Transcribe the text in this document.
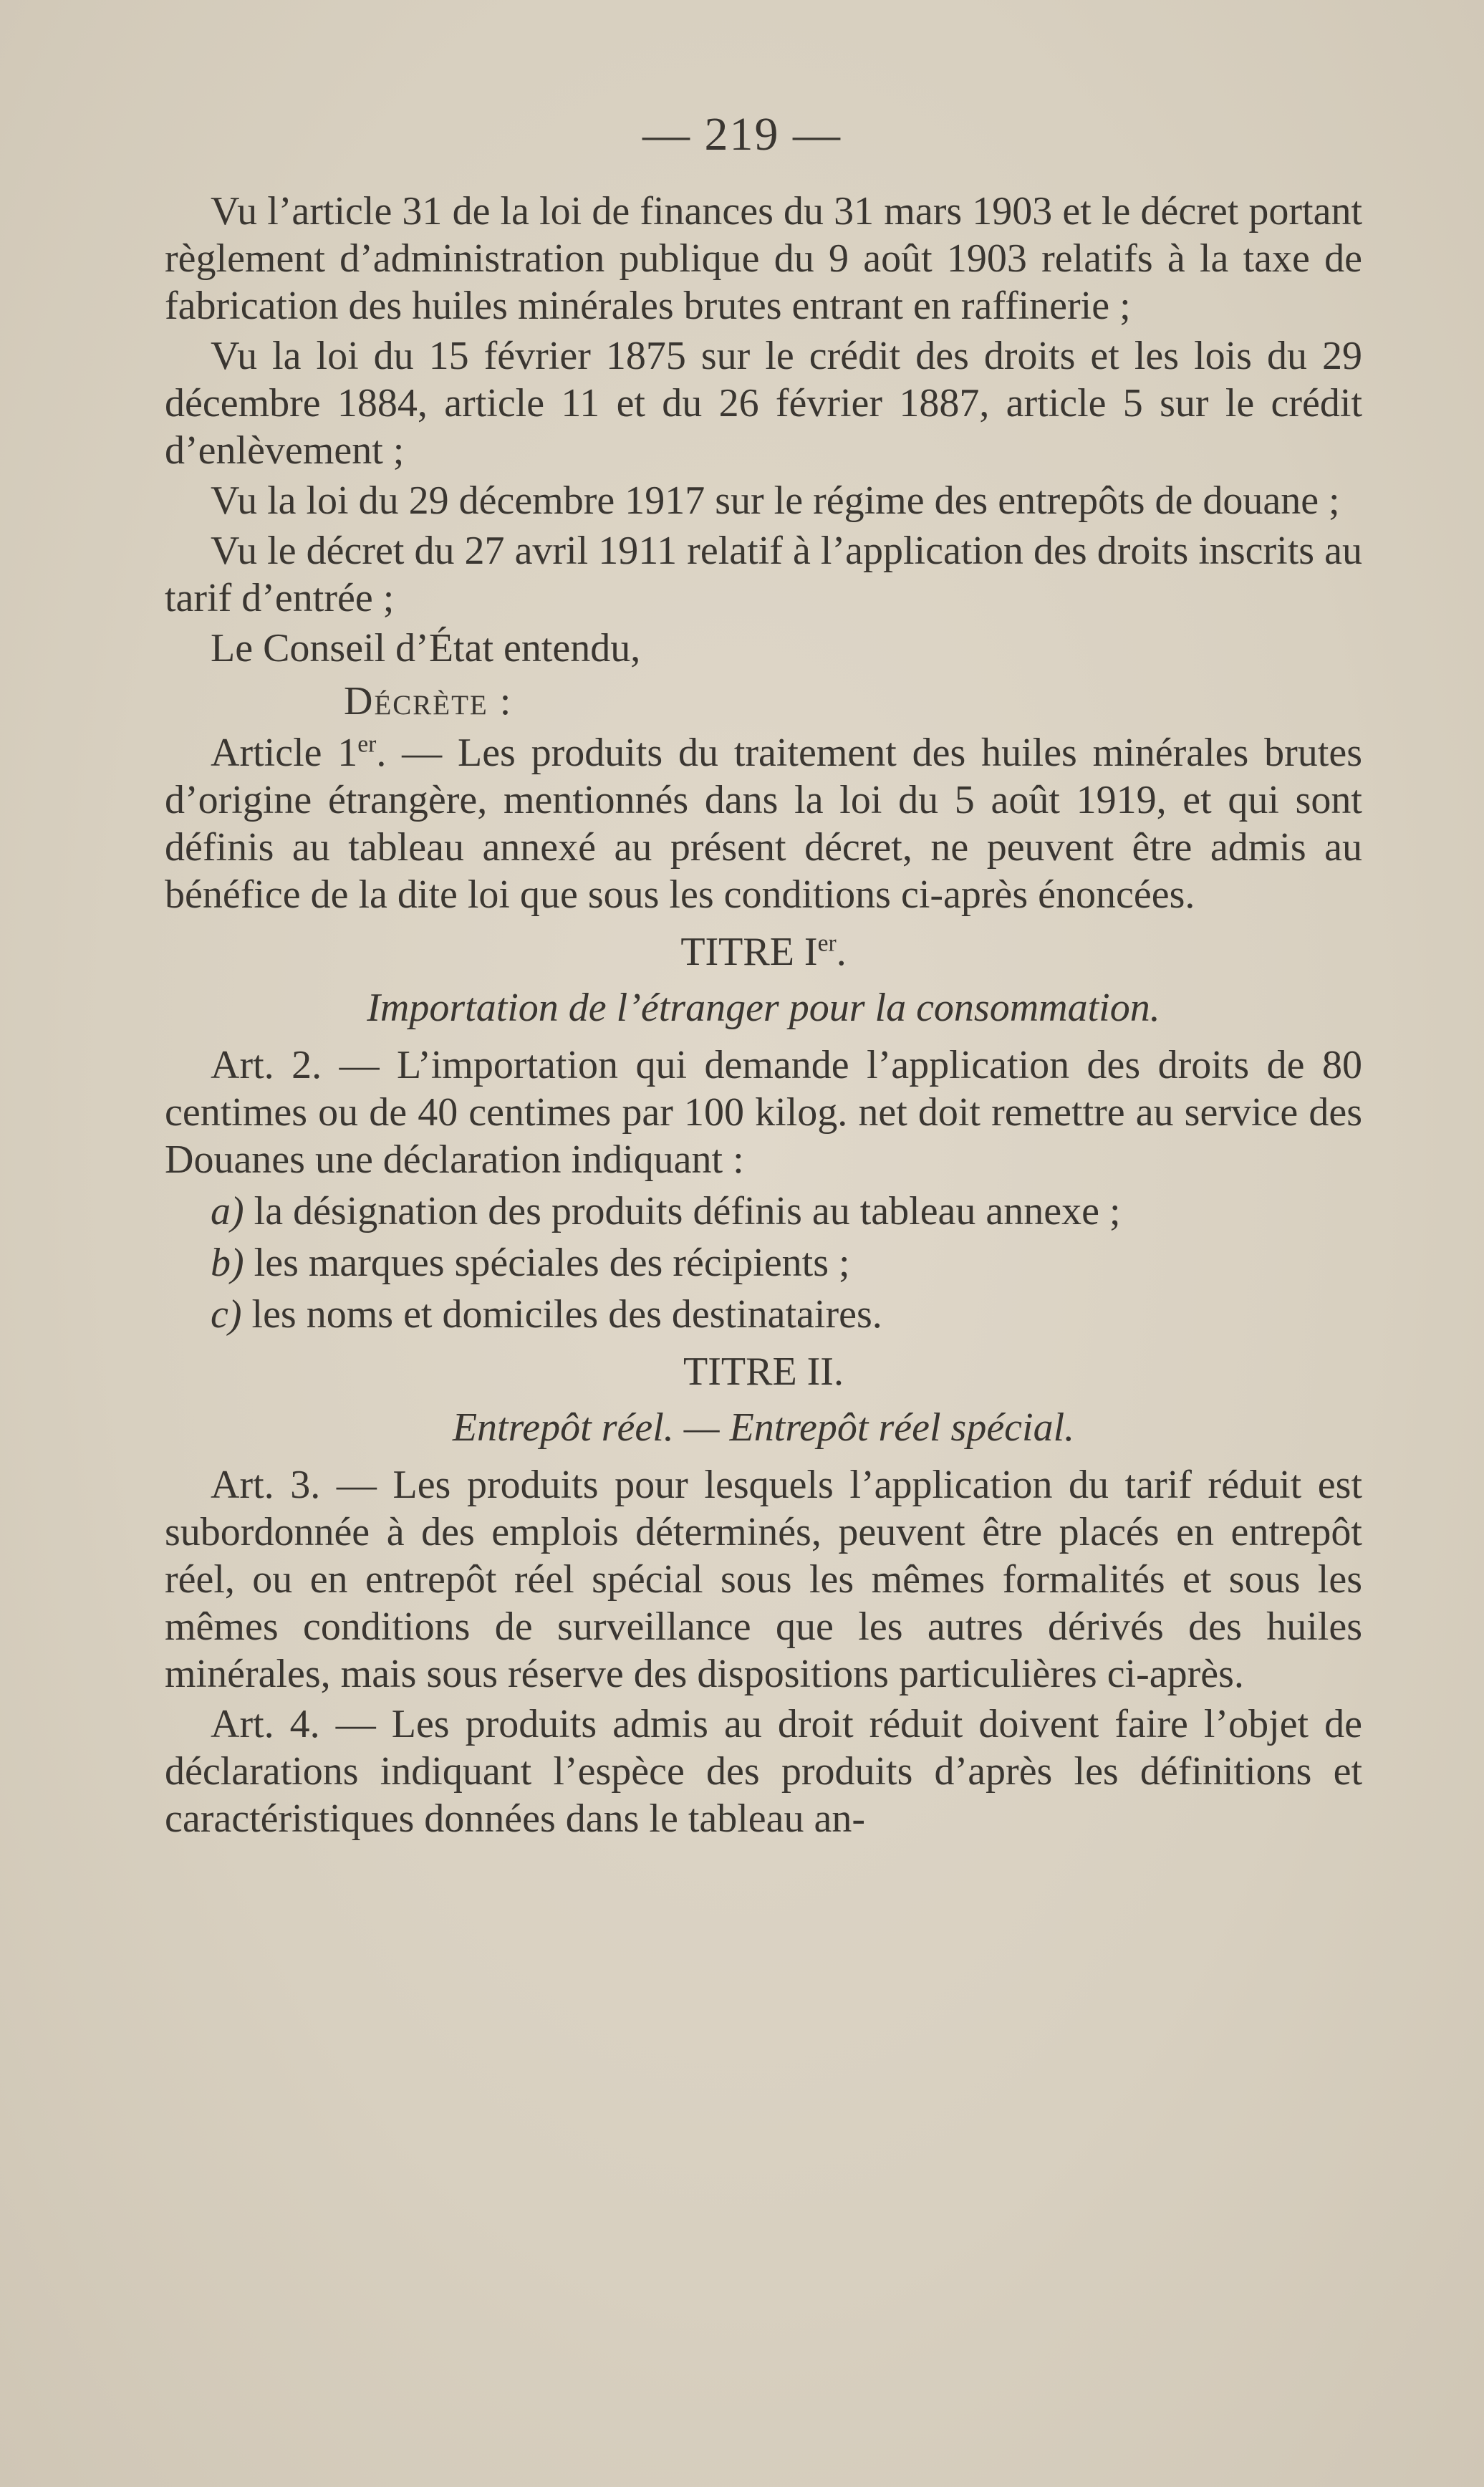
— 219 —

Vu l’article 31 de la loi de finances du 31 mars 1903 et le décret portant règlement d’administration publique du 9 août 1903 relatifs à la taxe de fabrication des huiles minérales brutes entrant en raffinerie ;

Vu la loi du 15 février 1875 sur le crédit des droits et les lois du 29 décembre 1884, article 11 et du 26 février 1887, article 5 sur le crédit d’enlèvement ;

Vu la loi du 29 décembre 1917 sur le régime des entrepôts de douane ;

Vu le décret du 27 avril 1911 relatif à l’application des droits inscrits au tarif d’entrée ;

Le Conseil d’État entendu,

Décrète :

Article 1er. — Les produits du traitement des huiles minérales brutes d’origine étrangère, mentionnés dans la loi du 5 août 1919, et qui sont définis au tableau annexé au présent décret, ne peuvent être admis au bénéfice de la dite loi que sous les conditions ci-après énoncées.

TITRE Ier.
Importation de l’étranger pour la consommation.

Art. 2. — L’importation qui demande l’application des droits de 80 centimes ou de 40 centimes par 100 kilog. net doit remettre au service des Douanes une déclaration indiquant :

a) la désignation des produits définis au tableau annexe ;
b) les marques spéciales des récipients ;
c) les noms et domiciles des destinataires.
TITRE II.
Entrepôt réel. — Entrepôt réel spécial.

Art. 3. — Les produits pour lesquels l’application du tarif réduit est subordonnée à des emplois déterminés, peuvent être placés en entrepôt réel, ou en entrepôt réel spécial sous les mêmes formalités et sous les mêmes conditions de surveillance que les autres dérivés des huiles minérales, mais sous réserve des dispositions particulières ci-après.

Art. 4. — Les produits admis au droit réduit doivent faire l’objet de déclarations indiquant l’espèce des produits d’après les définitions et caractéristiques données dans le tableau an-
